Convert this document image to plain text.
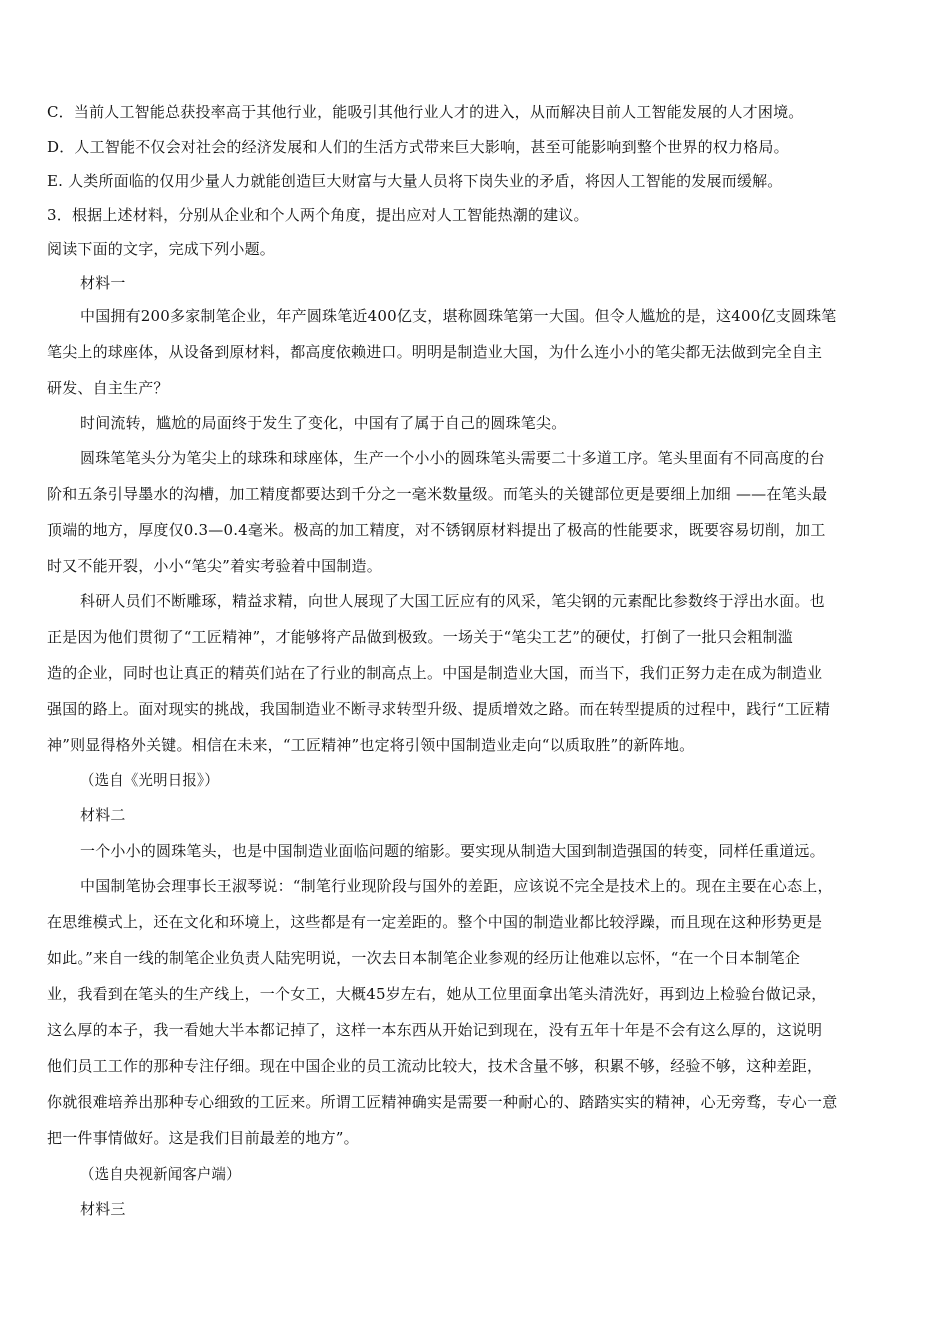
C．当前人工智能总获投率高于其他行业，能吸引其他行业人才的进入，从而解决目前人工智能发展的人才困境。
D．人工智能不仅会对社会的经济发展和人们的生活方式带来巨大影响，甚至可能影响到整个世界的权力格局。
E. 人类所面临的仅用少量人力就能创造巨大财富与大量人员将下岗失业的矛盾，将因人工智能的发展而缓解。
3．根据上述材料，分别从企业和个人两个角度，提出应对人工智能热潮的建议。
阅读下面的文字，完成下列小题。
材料一
中国拥有200多家制笔企业，年产圆珠笔近400亿支，堪称圆珠笔第一大国。但令人尴尬的是，这400亿支圆珠笔
笔尖上的球座体，从设备到原材料，都高度依赖进口。明明是制造业大国，为什么连小小的笔尖都无法做到完全自主
研发、自主生产？
时间流转，尴尬的局面终于发生了变化，中国有了属于自己的圆珠笔尖。
圆珠笔笔头分为笔尖上的球珠和球座体，生产一个小小的圆珠笔头需要二十多道工序。笔头里面有不同高度的台
阶和五条引导墨水的沟槽，加工精度都要达到千分之一毫米数量级。而笔头的关键部位更是要细上加细 ——在笔头最
顶端的地方，厚度仅0.3—0.4毫米。极高的加工精度，对不锈钢原材料提出了极高的性能要求，既要容易切削，加工
时又不能开裂，小小“笔尖”着实考验着中国制造。
科研人员们不断雕琢，精益求精，向世人展现了大国工匠应有的风采，笔尖钢的元素配比参数终于浮出水面。也
正是因为他们贯彻了“工匠精神”，才能够将产品做到极致。一场关于“笔尖工艺”的硬仗，打倒了一批只会粗制滥
造的企业，同时也让真正的精英们站在了行业的制高点上。中国是制造业大国，而当下，我们正努力走在成为制造业
强国的路上。面对现实的挑战，我国制造业不断寻求转型升级、提质增效之路。而在转型提质的过程中，践行“工匠精
神”则显得格外关键。相信在未来，“工匠精神”也定将引领中国制造业走向“以质取胜”的新阵地。
（选自《光明日报》）
材料二
一个小小的圆珠笔头，也是中国制造业面临问题的缩影。要实现从制造大国到制造强国的转变，同样任重道远。
中国制笔协会理事长王淑琴说：“制笔行业现阶段与国外的差距，应该说不完全是技术上的。现在主要在心态上，
在思维模式上，还在文化和环境上，这些都是有一定差距的。整个中国的制造业都比较浮躁，而且现在这种形势更是
如此。”来自一线的制笔企业负责人陆宪明说，一次去日本制笔企业参观的经历让他难以忘怀，“在一个日本制笔企
业，我看到在笔头的生产线上，一个女工，大概45岁左右，她从工位里面拿出笔头清洗好，再到边上检验台做记录，
这么厚的本子，我一看她大半本都记掉了，这样一本东西从开始记到现在，没有五年十年是不会有这么厚的，这说明
他们员工工作的那种专注仔细。现在中国企业的员工流动比较大，技术含量不够，积累不够，经验不够，这种差距，
你就很难培养出那种专心细致的工匠来。所谓工匠精神确实是需要一种耐心的、踏踏实实的精神，心无旁骛，专心一意
把一件事情做好。这是我们目前最差的地方”。
（选自央视新闻客户端）
材料三
